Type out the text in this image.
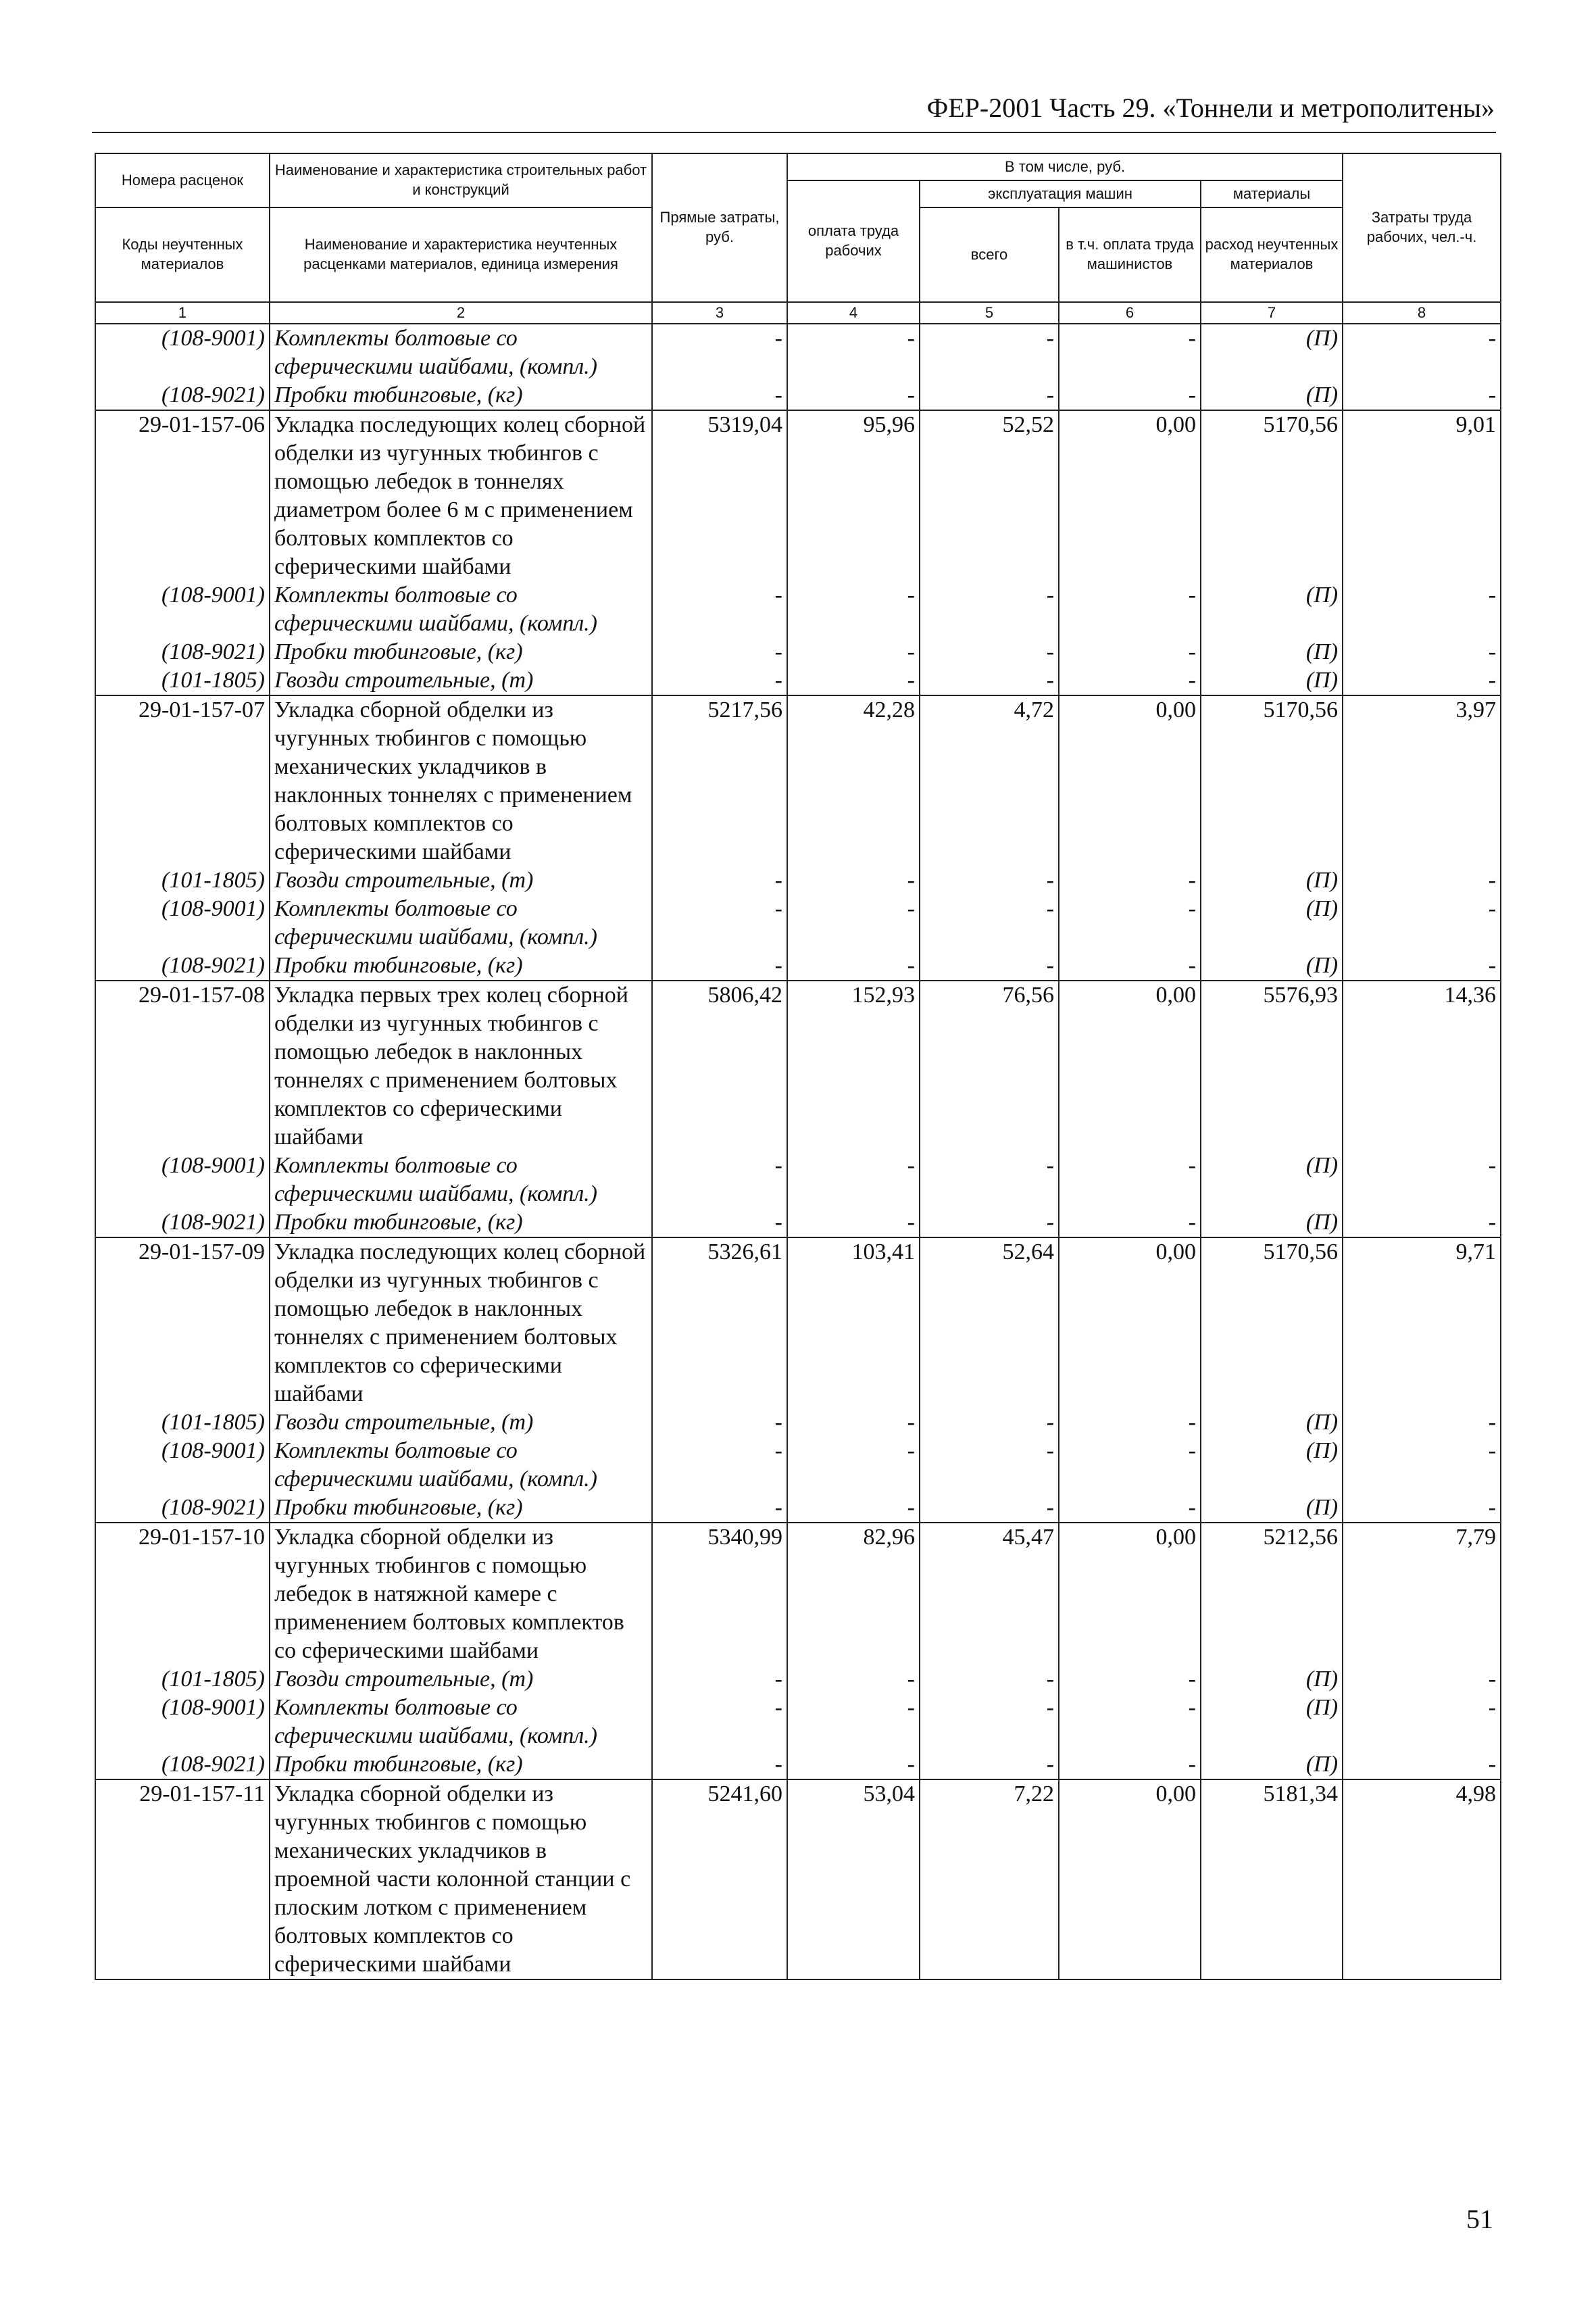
ФЕР-2001 Часть 29. «Тоннели и метрополитены»
Номера расценок	Наименование и характеристика строительных работ и конструкций	Прямые затраты, руб.	В том числе, руб.				Затраты труда рабочих, чел.-ч.
			оплата труда рабочих	эксплуатация машин		материалы	
Коды неучтенных материалов	Наименование и характеристика неучтенных расценками материалов, единица измерения			всего	в т.ч. оплата труда машинистов	расход неучтенных материалов	

1	2	3	4	5	6	7	8
(108-9001)	Комплекты болтовые со сферическими шайбами, (компл.)	-	-	-	-	(П)	-
(108-9021)	Пробки тюбинговые, (кг)	-	-	-	-	(П)	-
29-01-157-06	Укладка последующих колец сборной обделки из чугунных тюбингов с помощью лебедок в тоннелях диаметром более 6 м с применением болтовых комплектов со сферическими шайбами	5319,04	95,96	52,52	0,00	5170,56	9,01
(108-9001)	Комплекты болтовые со сферическими шайбами, (компл.)	-	-	-	-	(П)	-
(108-9021)	Пробки тюбинговые, (кг)	-	-	-	-	(П)	-
(101-1805)	Гвозди строительные, (т)	-	-	-	-	(П)	-
29-01-157-07	Укладка сборной обделки из чугунных тюбингов с помощью механических укладчиков в наклонных тоннелях с применением болтовых комплектов со сферическими шайбами	5217,56	42,28	4,72	0,00	5170,56	3,97
(101-1805)	Гвозди строительные, (т)	-	-	-	-	(П)	-
(108-9001)	Комплекты болтовые со сферическими шайбами, (компл.)	-	-	-	-	(П)	-
(108-9021)	Пробки тюбинговые, (кг)	-	-	-	-	(П)	-
29-01-157-08	Укладка первых трех колец сборной обделки из чугунных тюбингов с помощью лебедок в наклонных тоннелях с применением болтовых комплектов со сферическими шайбами	5806,42	152,93	76,56	0,00	5576,93	14,36
(108-9001)	Комплекты болтовые со сферическими шайбами, (компл.)	-	-	-	-	(П)	-
(108-9021)	Пробки тюбинговые, (кг)	-	-	-	-	(П)	-
29-01-157-09	Укладка последующих колец сборной обделки из чугунных тюбингов с помощью лебедок в наклонных тоннелях с применением болтовых комплектов со сферическими шайбами	5326,61	103,41	52,64	0,00	5170,56	9,71
(101-1805)	Гвозди строительные, (т)	-	-	-	-	(П)	-
(108-9001)	Комплекты болтовые со сферическими шайбами, (компл.)	-	-	-	-	(П)	-
(108-9021)	Пробки тюбинговые, (кг)	-	-	-	-	(П)	-
29-01-157-10	Укладка сборной обделки из чугунных тюбингов с помощью лебедок в натяжной камере с применением болтовых комплектов со сферическими шайбами	5340,99	82,96	45,47	0,00	5212,56	7,79
(101-1805)	Гвозди строительные, (т)	-	-	-	-	(П)	-
(108-9001)	Комплекты болтовые со сферическими шайбами, (компл.)	-	-	-	-	(П)	-
(108-9021)	Пробки тюбинговые, (кг)	-	-	-	-	(П)	-
29-01-157-11	Укладка сборной обделки из чугунных тюбингов с помощью механических укладчиков в проемной части колонной станции с плоским лотком с применением болтовых комплектов со сферическими шайбами	5241,60	53,04	7,22	0,00	5181,34	4,98
51
